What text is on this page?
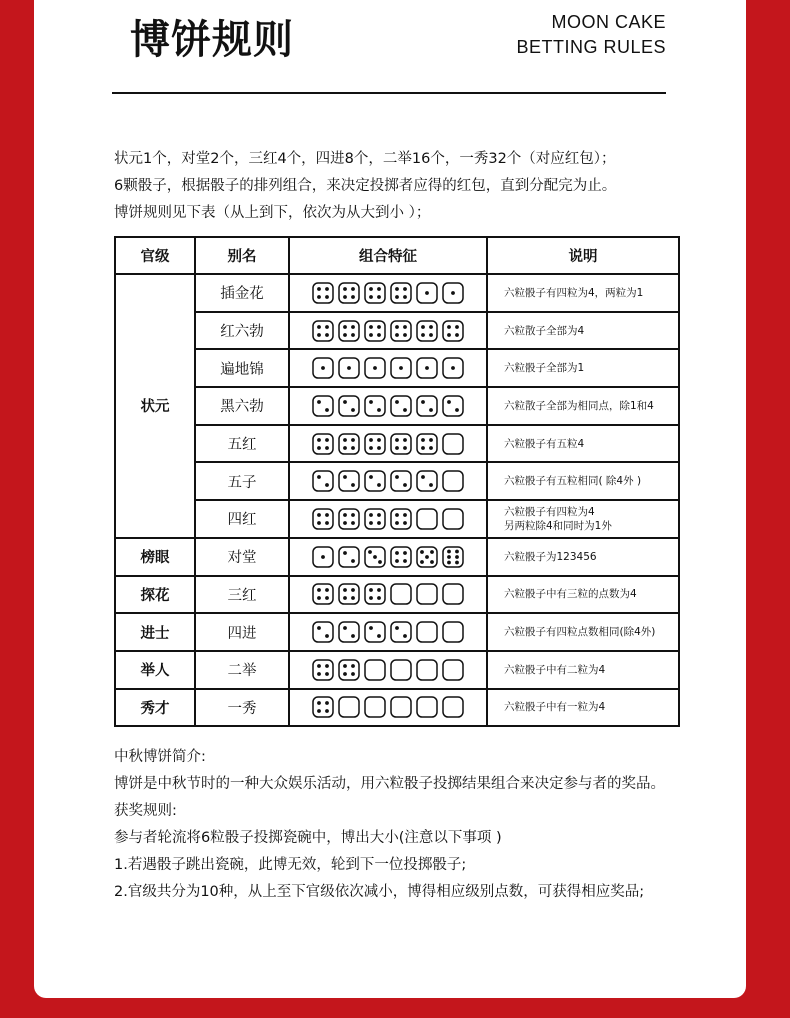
博饼规则	MOON CAKE
BETTING RULES

状元1个，对堂2个，三红4个，四进8个，二举16个，一秀32个（对应红包）；

6颗骰子，根据骰子的排列组合，来决定投掷者应得的红包，直到分配完为止。

博饼规则见下表（从上到下，依次为从大到小 ）；

官级	别名	组合特征	说明
状元	插金花		六粒骰子有四粒为4，两粒为1

	红六勃		六粒散子全部为4

	遍地锦		六粒骰子全部为1

	黑六勃		六粒散子全部为相同点，除1和4

	五红		六粒骰子有五粒4

	五子		六粒骰子有五粒相同( 除4外 )

	四红		六粒骰子有四粒为4
另两粒除4和同时为1外

榜眼	对堂		六粒骰子为123456

探花	三红		六粒骰子中有三粒的点数为4

进士	四进		六粒骰子有四粒点数相同(除4外)

举人	二举		六粒骰子中有二粒为4

秀才	一秀		六粒骰子中有一粒为4

中秋博饼简介:

博饼是中秋节时的一种大众娱乐活动，用六粒骰子投掷结果组合来决定参与者的奖品。

获奖规则:

参与者轮流将6粒骰子投掷瓷碗中，博出大小(注意以下事项 )

1.若遇骰子跳出瓷碗，此博无效，轮到下一位投掷骰子;

2.官级共分为10种，从上至下官级依次减小，博得相应级别点数，可获得相应奖品;
